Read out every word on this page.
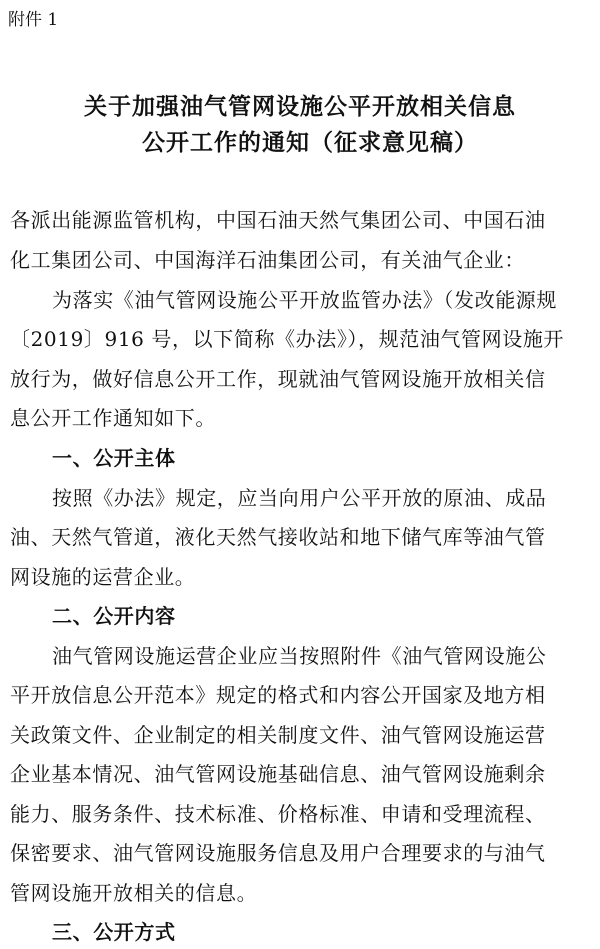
附件 1
关于加强油气管网设施公平开放相关信息
公开工作的通知（征求意见稿）
各派出能源监管机构，中国石油天然气集团公司、中国石油
化工集团公司、中国海洋石油集团公司，有关油气企业：
为落实《油气管网设施公平开放监管办法》（发改能源规
〔2019〕916 号，以下简称《办法》），规范油气管网设施开
放行为，做好信息公开工作，现就油气管网设施开放相关信
息公开工作通知如下。
一、公开主体
按照《办法》规定，应当向用户公平开放的原油、成品
油、天然气管道，液化天然气接收站和地下储气库等油气管
网设施的运营企业。
二、公开内容
油气管网设施运营企业应当按照附件《油气管网设施公
平开放信息公开范本》规定的格式和内容公开国家及地方相
关政策文件、企业制定的相关制度文件、油气管网设施运营
企业基本情况、油气管网设施基础信息、油气管网设施剩余
能力、服务条件、技术标准、价格标准、申请和受理流程、
保密要求、油气管网设施服务信息及用户合理要求的与油气
管网设施开放相关的信息。
三、公开方式
